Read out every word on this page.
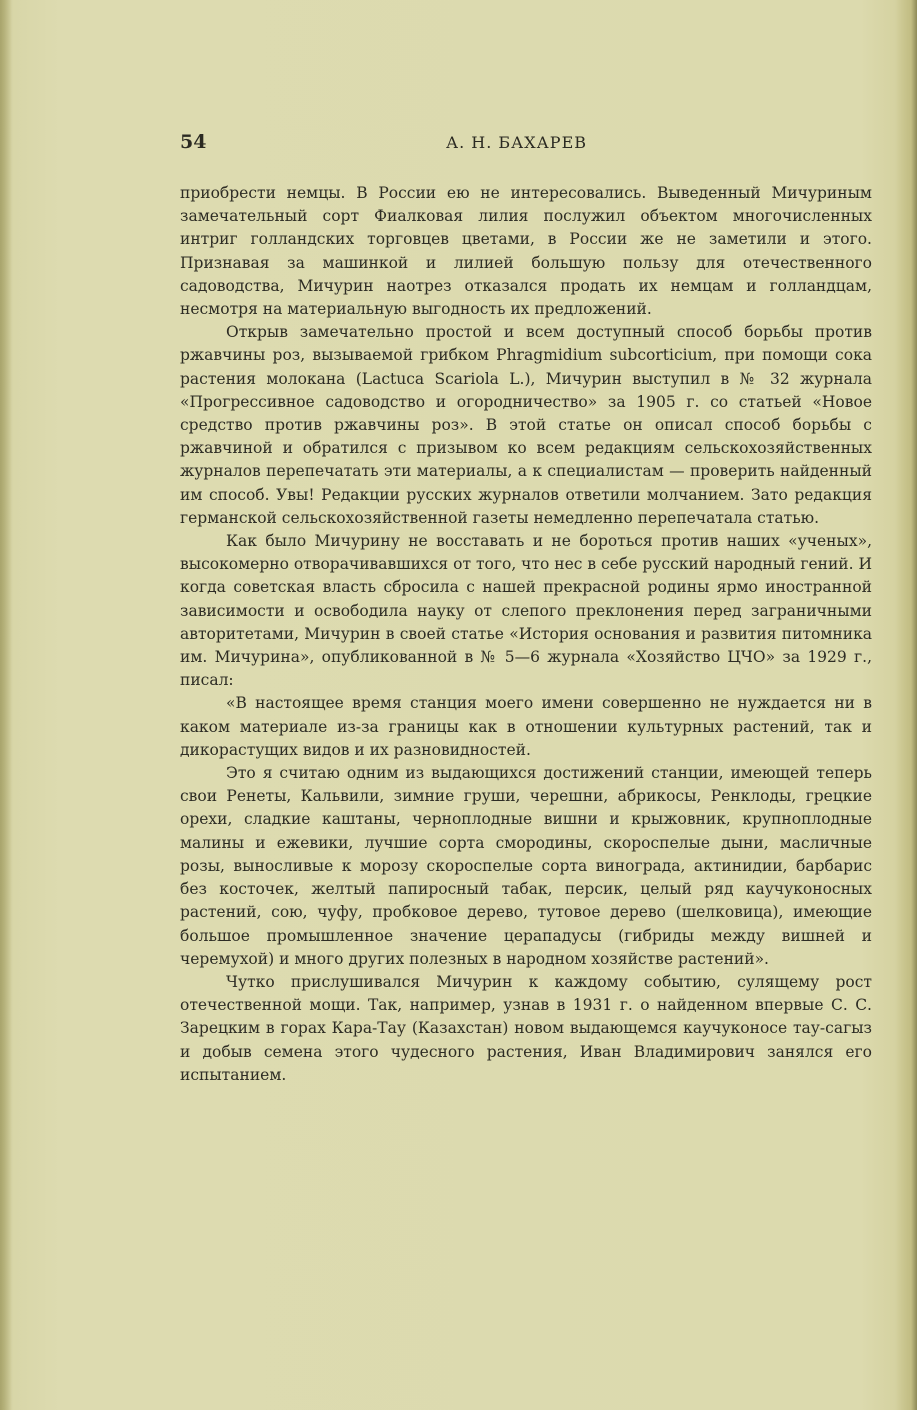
54	А. Н. БАХАРЕВ

приобрести немцы. В России ею не интересовались. Выведенный Мичуриным замечательный сорт Фиалковая лилия послужил объектом многочисленных интриг голландских торговцев цветами, в России же не заметили и этого. Признавая за машинкой и лилией большую пользу для отечественного садоводства, Мичурин наотрез отказался продать их немцам и голландцам, несмотря на материальную выгодность их предложений.

Открыв замечательно простой и всем доступный способ борьбы против ржавчины роз, вызываемой грибком Phragmidium subcorticium, при помощи сока растения молокана (Lactuca Scariola L.), Мичурин выступил в № 32 журнала «Прогрессивное садоводство и огородничество» за 1905 г. со статьей «Новое средство против ржавчины роз». В этой статье он описал способ борьбы с ржавчиной и обратился с призывом ко всем редакциям сельскохозяйственных журналов перепечатать эти материалы, а к специалистам — проверить найденный им способ. Увы! Редакции русских журналов ответили молчанием. Зато редакция германской сельскохозяйственной газеты немедленно перепечатала статью.

Как было Мичурину не восставать и не бороться против наших «ученых», высокомерно отворачивавшихся от того, что нес в себе русский народный гений. И когда советская власть сбросила с нашей прекрасной родины ярмо иностранной зависимости и освободила науку от слепого преклонения перед заграничными авторитетами, Мичурин в своей статье «История основания и развития питомника им. Мичурина», опубликованной в № 5—6 журнала «Хозяйство ЦЧО» за 1929 г., писал:

«В настоящее время станция моего имени совершенно не нуждается ни в каком материале из-за границы как в отношении культурных растений, так и дикорастущих видов и их разновидностей.

Это я считаю одним из выдающихся достижений станции, имеющей теперь свои Ренеты, Кальвили, зимние груши, черешни, абрикосы, Ренклоды, грецкие орехи, сладкие каштаны, черноплодные вишни и крыжовник, крупноплодные малины и ежевики, лучшие сорта смородины, скороспелые дыни, масличные розы, выносливые к морозу скороспелые сорта винограда, актинидии, барбарис без косточек, желтый папиросный табак, персик, целый ряд каучуконосных растений, сою, чуфу, пробковое дерево, тутовое дерево (шелковица), имеющие большое промышленное значение церападусы (гибриды между вишней и черемухой) и много других полезных в народном хозяйстве растений».

Чутко прислушивался Мичурин к каждому событию, сулящему рост отечественной мощи. Так, например, узнав в 1931 г. о найденном впервые С. С. Зарецким в горах Кара-Тау (Казахстан) новом выдающемся каучуконосе тау-сагыз и добыв семена этого чудесного растения, Иван Владимирович занялся его испытанием.
